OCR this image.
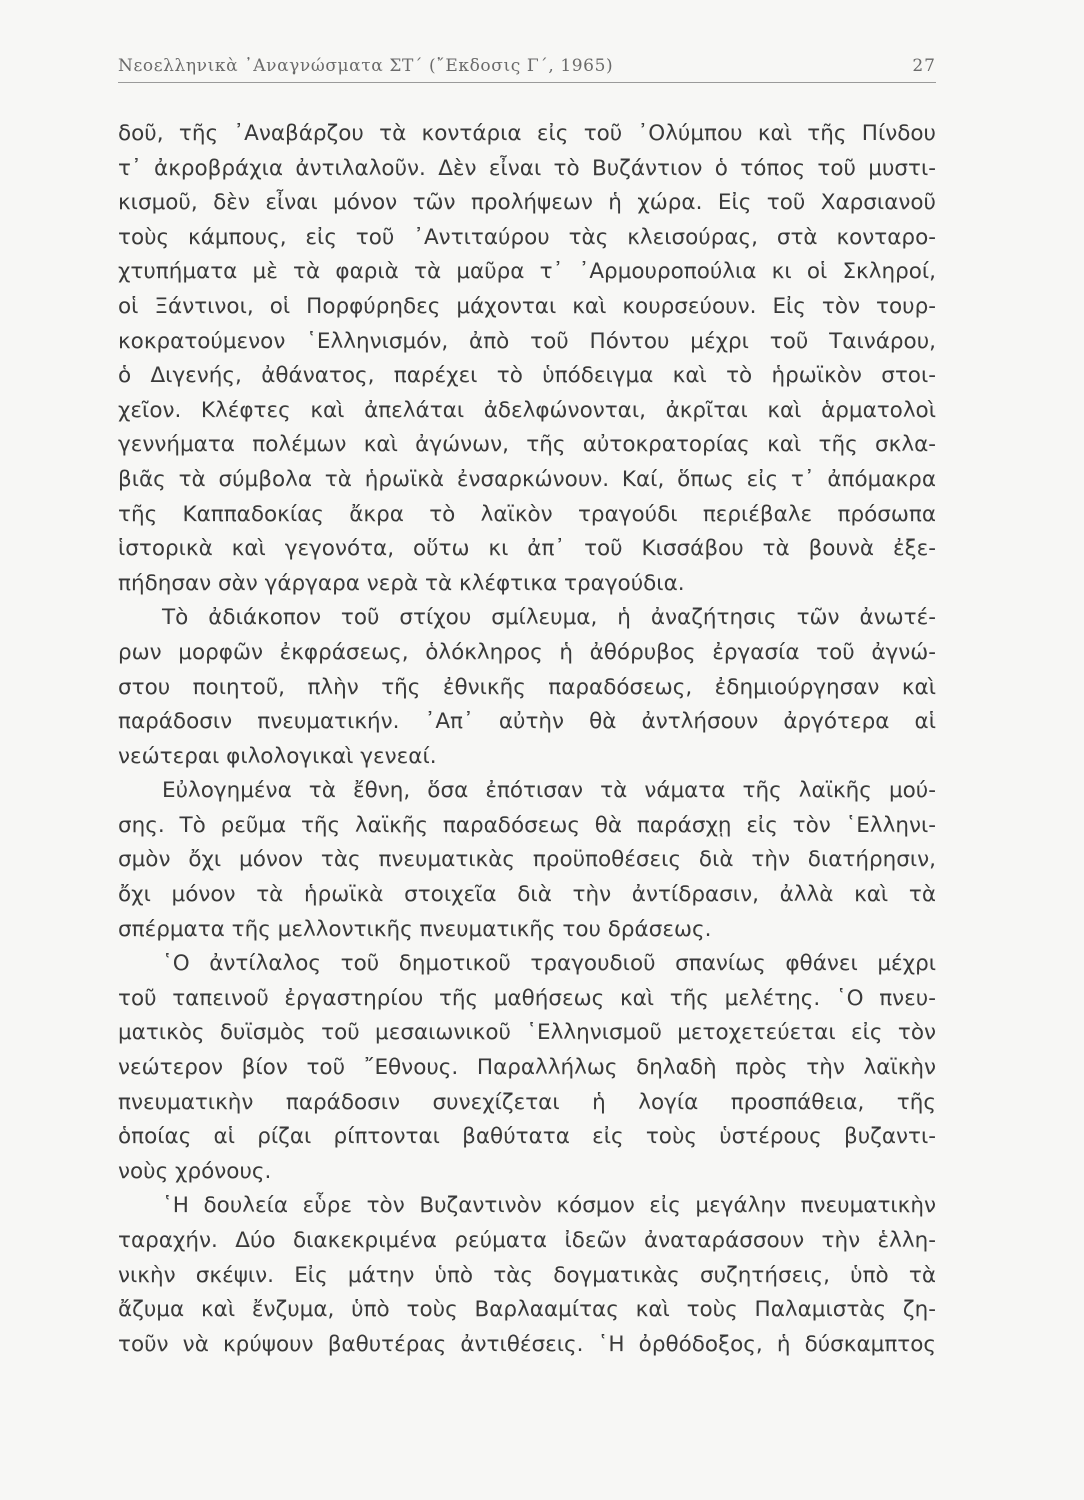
Νεοελληνικὰ ᾿Αναγνώσματα ΣΤ΄ (῎Εκδοσις Γ΄, 1965)	27
δοῦ, τῆς ᾿Αναβάρζου τὰ κοντάρια εἰς τοῦ ᾿Ολύμπου καὶ τῆς Πίνδου
τ᾿ ἀκροβράχια ἀντιλαλοῦν. Δὲν εἶναι τὸ Βυζάντιον ὁ τόπος τοῦ μυστι-
κισμοῦ, δὲν εἶναι μόνον τῶν προλήψεων ἡ χώρα. Εἰς τοῦ Χαρσιανοῦ
τοὺς κάμπους, εἰς τοῦ ᾿Αντιταύρου τὰς κλεισούρας, στὰ κονταρο-
χτυπήματα μὲ τὰ φαριὰ τὰ μαῦρα τ᾿ ᾿Αρμουροπούλια κι οἱ Σκληροί,
οἱ Ξάντινοι, οἱ Πορφύρηδες μάχονται καὶ κουρσεύουν. Εἰς τὸν τουρ-
κοκρατούμενον ῾Ελληνισμόν, ἀπὸ τοῦ Πόντου μέχρι τοῦ Ταινάρου,
ὁ Διγενής, ἀθάνατος, παρέχει τὸ ὑπόδειγμα καὶ τὸ ἡρωϊκὸν στοι-
χεῖον. Κλέφτες καὶ ἀπελάται ἀδελφώνονται, ἀκρῖται καὶ ἁρματολοὶ
γεννήματα πολέμων καὶ ἀγώνων, τῆς αὐτοκρατορίας καὶ τῆς σκλα-
βιᾶς τὰ σύμβολα τὰ ἡρωϊκὰ ἐνσαρκώνουν. Καί, ὅπως εἰς τ᾿ ἀπόμακρα
τῆς Καππαδοκίας ἄκρα τὸ λαϊκὸν τραγούδι περιέβαλε πρόσωπα
ἱστορικὰ καὶ γεγονότα, οὕτω κι ἀπ᾿ τοῦ Κισσάβου τὰ βουνὰ ἐξε-
πήδησαν σὰν γάργαρα νερὰ τὰ κλέφτικα τραγούδια.
Τὸ ἀδιάκοπον τοῦ στίχου σμίλευμα, ἡ ἀναζήτησις τῶν ἀνωτέ-
ρων μορφῶν ἐκφράσεως, ὁλόκληρος ἡ ἀθόρυβος ἐργασία τοῦ ἀγνώ-
στου ποιητοῦ, πλὴν τῆς ἐθνικῆς παραδόσεως, ἐδημιούργησαν καὶ
παράδοσιν πνευματικήν. ᾿Απ᾿ αὐτὴν θὰ ἀντλήσουν ἀργότερα αἱ
νεώτεραι φιλολογικαὶ γενεαί.
Εὐλογημένα τὰ ἔθνη, ὅσα ἐπότισαν τὰ νάματα τῆς λαϊκῆς μού-
σης. Τὸ ρεῦμα τῆς λαϊκῆς παραδόσεως θὰ παράσχῃ εἰς τὸν ῾Ελληνι-
σμὸν ὄχι μόνον τὰς πνευματικὰς προϋποθέσεις διὰ τὴν διατήρησιν,
ὄχι μόνον τὰ ἡρωϊκὰ στοιχεῖα διὰ τὴν ἀντίδρασιν, ἀλλὰ καὶ τὰ
σπέρματα τῆς μελλοντικῆς πνευματικῆς του δράσεως.
῾Ο ἀντίλαλος τοῦ δημοτικοῦ τραγουδιοῦ σπανίως φθάνει μέχρι
τοῦ ταπεινοῦ ἐργαστηρίου τῆς μαθήσεως καὶ τῆς μελέτης. ῾Ο πνευ-
ματικὸς δυϊσμὸς τοῦ μεσαιωνικοῦ ῾Ελληνισμοῦ μετοχετεύεται εἰς τὸν
νεώτερον βίον τοῦ ῎Εθνους. Παραλλήλως δηλαδὴ πρὸς τὴν λαϊκὴν
πνευματικὴν παράδοσιν συνεχίζεται ἡ λογία προσπάθεια, τῆς
ὁποίας αἱ ρίζαι ρίπτονται βαθύτατα εἰς τοὺς ὑστέρους βυζαντι-
νοὺς χρόνους.
῾Η δουλεία εὗρε τὸν Βυζαντινὸν κόσμον εἰς μεγάλην πνευματικὴν
ταραχήν. Δύο διακεκριμένα ρεύματα ἰδεῶν ἀναταράσσουν τὴν ἑλλη-
νικὴν σκέψιν. Εἰς μάτην ὑπὸ τὰς δογματικὰς συζητήσεις, ὑπὸ τὰ
ἄζυμα καὶ ἔνζυμα, ὑπὸ τοὺς Βαρλααμίτας καὶ τοὺς Παλαμιστὰς ζη-
τοῦν νὰ κρύψουν βαθυτέρας ἀντιθέσεις. ῾Η ὀρθόδοξος, ἡ δύσκαμπτος
